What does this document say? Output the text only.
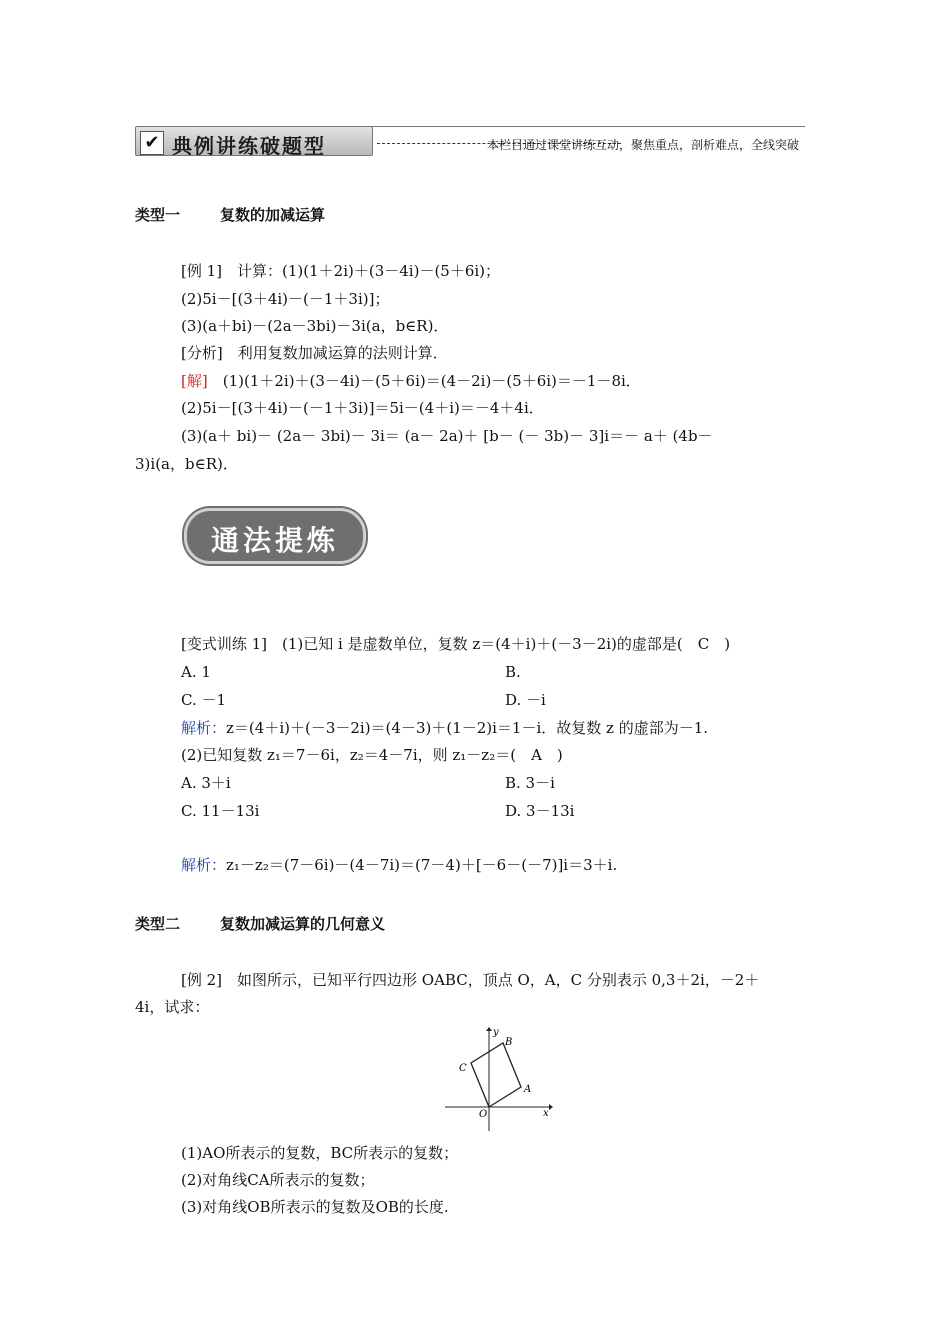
✔ 典例讲练破题型	本栏目通过课堂讲练互动，聚焦重点，剖析难点，全线突破
类型一	复数的加减运算
[例 1]　计算：(1)(1＋2i)＋(3－4i)－(5＋6i)；
(2)5i－[(3＋4i)－(－1＋3i)]；
(3)(a＋bi)－(2a－3bi)－3i(a，b∈R)．
[分析]　利用复数加减运算的法则计算．
[解]　(1)(1＋2i)＋(3－4i)－(5＋6i)＝(4－2i)－(5＋6i)＝－1－8i．
(2)5i－[(3＋4i)－(－1＋3i)]＝5i－(4＋i)＝－4＋4i．
(3)(a＋ bi)－ (2a－ 3bi)－ 3i＝ (a－ 2a)＋ [b－ (－ 3b)－ 3]i＝－ a＋ (4b－
3)i(a，b∈R)．
通法提炼
[变式训练 1]　(1)已知 i 是虚数单位，复数 z＝(4＋i)＋(－3－2i)的虚部是(　C　)
A. 1	B.
C. －1	D. －i
解析：z＝(4＋i)＋(－3－2i)＝(4－3)＋(1－2)i＝1－i．故复数 z 的虚部为－1.
(2)已知复数 z₁＝7－6i，z₂＝4－7i，则 z₁－z₂＝(　A　)
A. 3＋i	B. 3－i
C. 11－13i	D. 3－13i
解析：z₁－z₂＝(7－6i)－(4－7i)＝(7－4)＋[－6－(－7)]i＝3＋i.
类型二	复数加减运算的几何意义
[例 2]　如图所示，已知平行四边形 OABC，顶点 O，A，C 分别表示 0,3＋2i，－2＋
4i，试求：
x
y
O
A
B
C
(1)AO所表示的复数，BC所表示的复数；
(2)对角线CA所表示的复数；
(3)对角线OB所表示的复数及OB的长度.
